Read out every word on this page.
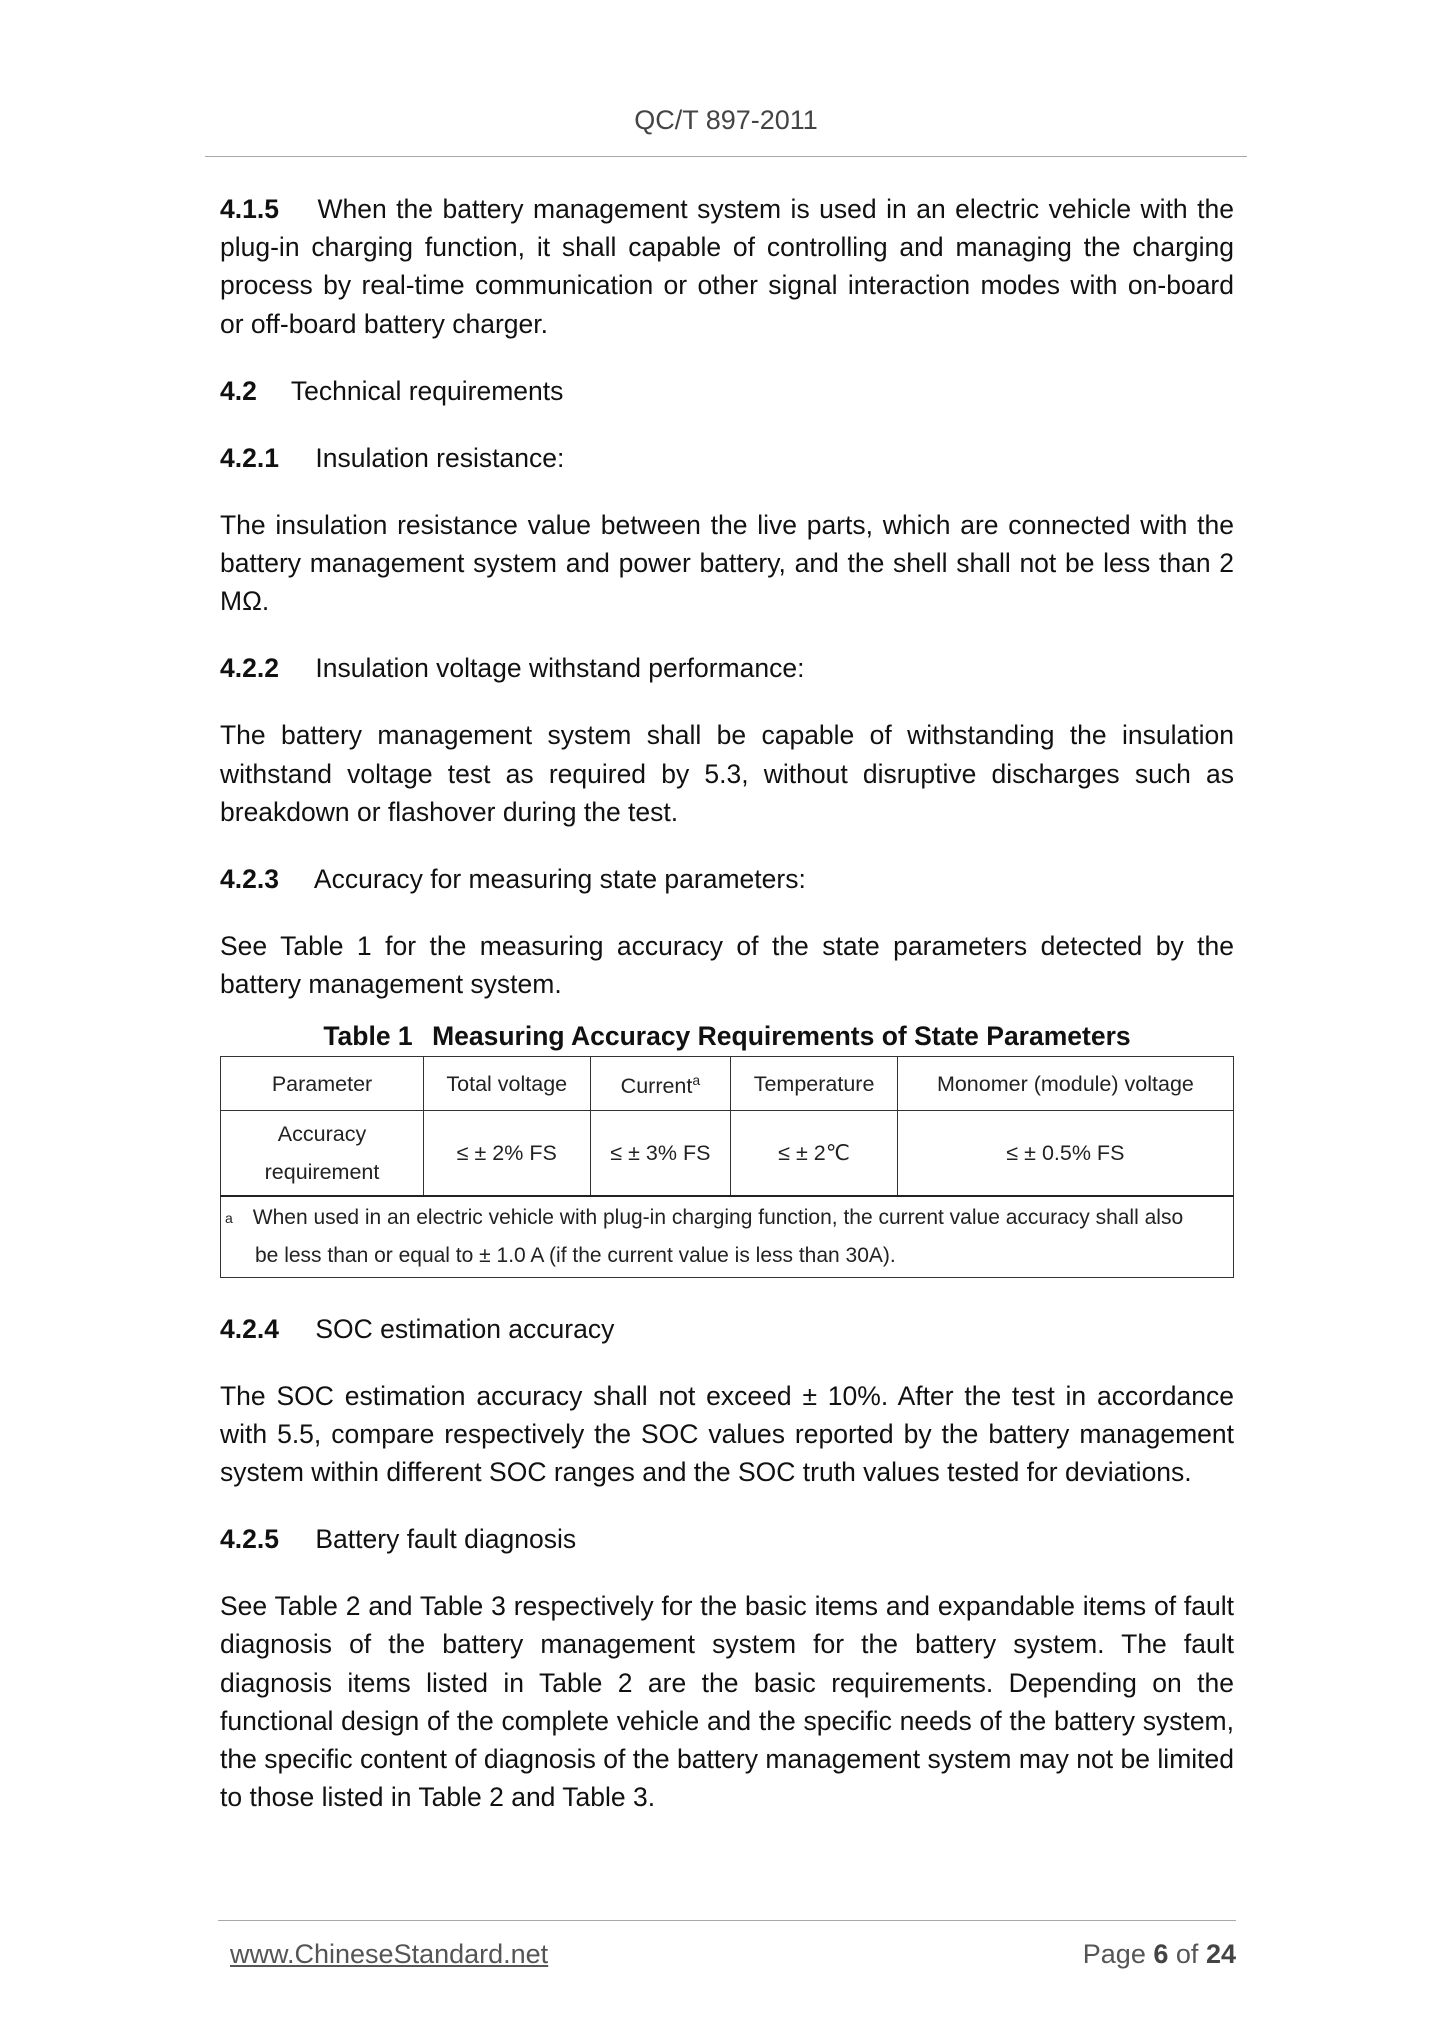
QC/T 897-2011

4.1.5 When the battery management system is used in an electric vehicle with the plug-in charging function, it shall capable of controlling and managing the charging process by real-time communication or other signal interaction modes with on-board or off-board battery charger.

4.2 Technical requirements
4.2.1 Insulation resistance:

The insulation resistance value between the live parts, which are connected with the battery management system and power battery, and the shell shall not be less than 2 MΩ.

4.2.2 Insulation voltage withstand performance:

The battery management system shall be capable of withstanding the insulation withstand voltage test as required by 5.3, without disruptive discharges such as breakdown or flashover during the test.

4.2.3 Accuracy for measuring state parameters:

See Table 1 for the measuring accuracy of the state parameters detected by the battery management system.

Table 1 Measuring Accuracy Requirements of State Parameters
Parameter	Total voltage	Current$^a$	Temperature	Monomer (module) voltage
Accuracy requirement	≤ ± 2% FS	≤ ± 3% FS	≤ ± 2℃	≤ ± 0.5% FS

$^a$ When used in an electric vehicle with plug-in charging function, the current value accuracy shall also
be less than or equal to ± 1.0 A (if the current value is less than 30A).				
4.2.4 SOC estimation accuracy

The SOC estimation accuracy shall not exceed ± 10%. After the test in accordance with 5.5, compare respectively the SOC values reported by the battery management system within different SOC ranges and the SOC truth values tested for deviations.

4.2.5 Battery fault diagnosis

See Table 2 and Table 3 respectively for the basic items and expandable items of fault diagnosis of the battery management system for the battery system. The fault diagnosis items listed in Table 2 are the basic requirements. Depending on the functional design of the complete vehicle and the specific needs of the battery system, the specific content of diagnosis of the battery management system may not be limited to those listed in Table 2 and Table 3.

www.ChineseStandard.net	Page 6 of 24
